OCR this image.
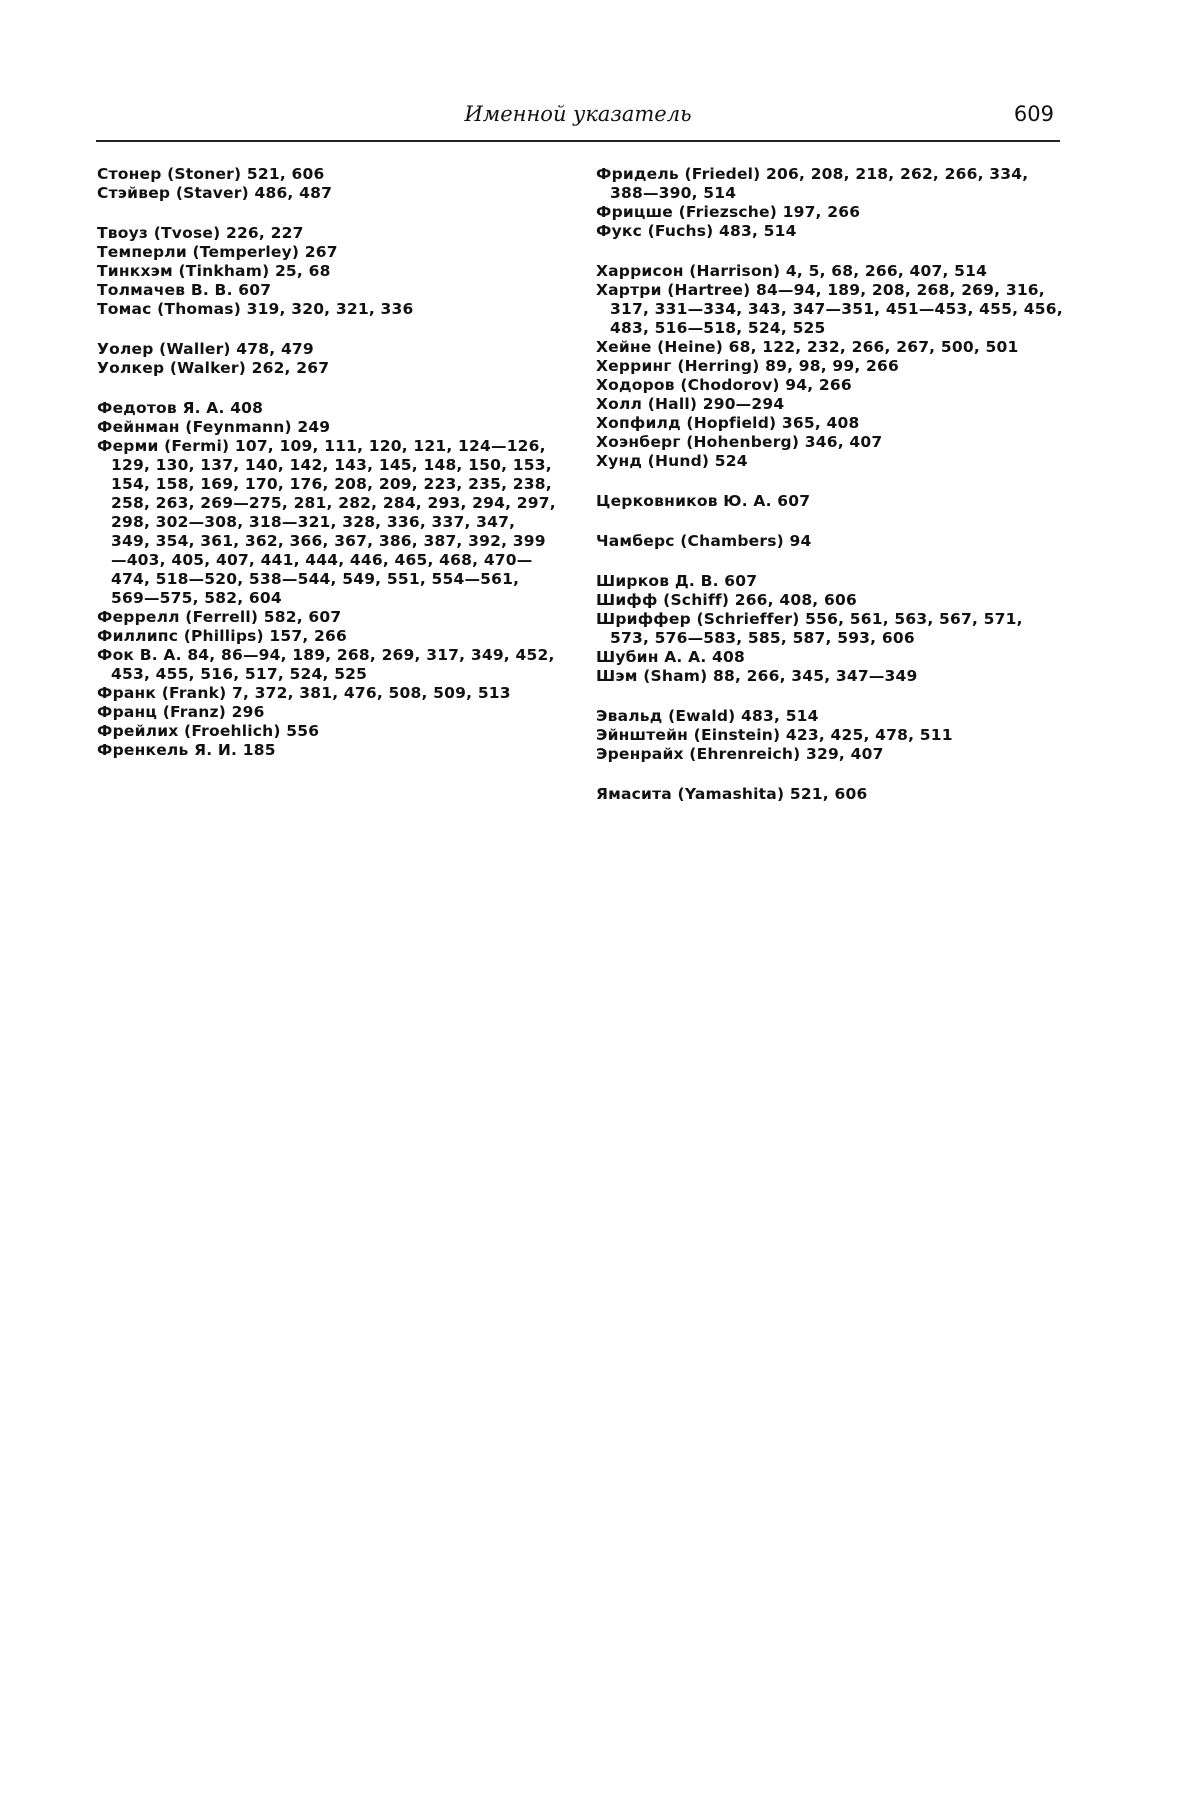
Именной указатель	609
Стонер (Stoner) 521, 606
Стэйвер (Staver) 486, 487
Твоуз (Tvose) 226, 227
Темперли (Temperley) 267
Тинкхэм (Tinkham) 25, 68
Толмачев В. В. 607
Томас (Thomas) 319, 320, 321, 336
Уолер (Waller) 478, 479
Уолкер (Walker) 262, 267
Федотов Я. А. 408
Фейнман (Feynmann) 249
Ферми (Fermi) 107, 109, 111, 120, 121, 124—126, 129, 130, 137, 140, 142, 143, 145, 148, 150, 153, 154, 158, 169, 170, 176, 208, 209, 223, 235, 238, 258, 263, 269—275, 281, 282, 284, 293, 294, 297, 298, 302—308, 318—321, 328, 336, 337, 347, 349, 354, 361, 362, 366, 367, 386, 387, 392, 399—403, 405, 407, 441, 444, 446, 465, 468, 470—474, 518—520, 538—544, 549, 551, 554—561, 569—575, 582, 604
Феррелл (Ferrell) 582, 607
Филлипс (Phillips) 157, 266
Фок В. А. 84, 86—94, 189, 268, 269, 317, 349, 452, 453, 455, 516, 517, 524, 525
Франк (Frank) 7, 372, 381, 476, 508, 509, 513
Франц (Franz) 296
Фрейлих (Froehlich) 556
Френкель Я. И. 185
Фридель (Friedel) 206, 208, 218, 262, 266, 334, 388—390, 514
Фрицше (Friezsche) 197, 266
Фукс (Fuchs) 483, 514
Харрисон (Harrison) 4, 5, 68, 266, 407, 514
Хартри (Hartree) 84—94, 189, 208, 268, 269, 316, 317, 331—334, 343, 347—351, 451—453, 455, 456, 483, 516—518, 524, 525
Хейне (Heine) 68, 122, 232, 266, 267, 500, 501
Херринг (Herring) 89, 98, 99, 266
Ходоров (Chodorov) 94, 266
Холл (Hall) 290—294
Хопфилд (Hopfield) 365, 408
Хоэнберг (Hohenberg) 346, 407
Хунд (Hund) 524
Церковников Ю. А. 607
Чамберс (Chambers) 94
Ширков Д. В. 607
Шифф (Schiff) 266, 408, 606
Шриффер (Schrieffer) 556, 561, 563, 567, 571, 573, 576—583, 585, 587, 593, 606
Шубин А. А. 408
Шэм (Sham) 88, 266, 345, 347—349
Эвальд (Ewald) 483, 514
Эйнштейн (Einstein) 423, 425, 478, 511
Эренрайх (Ehrenreich) 329, 407
Ямасита (Yamashita) 521, 606
